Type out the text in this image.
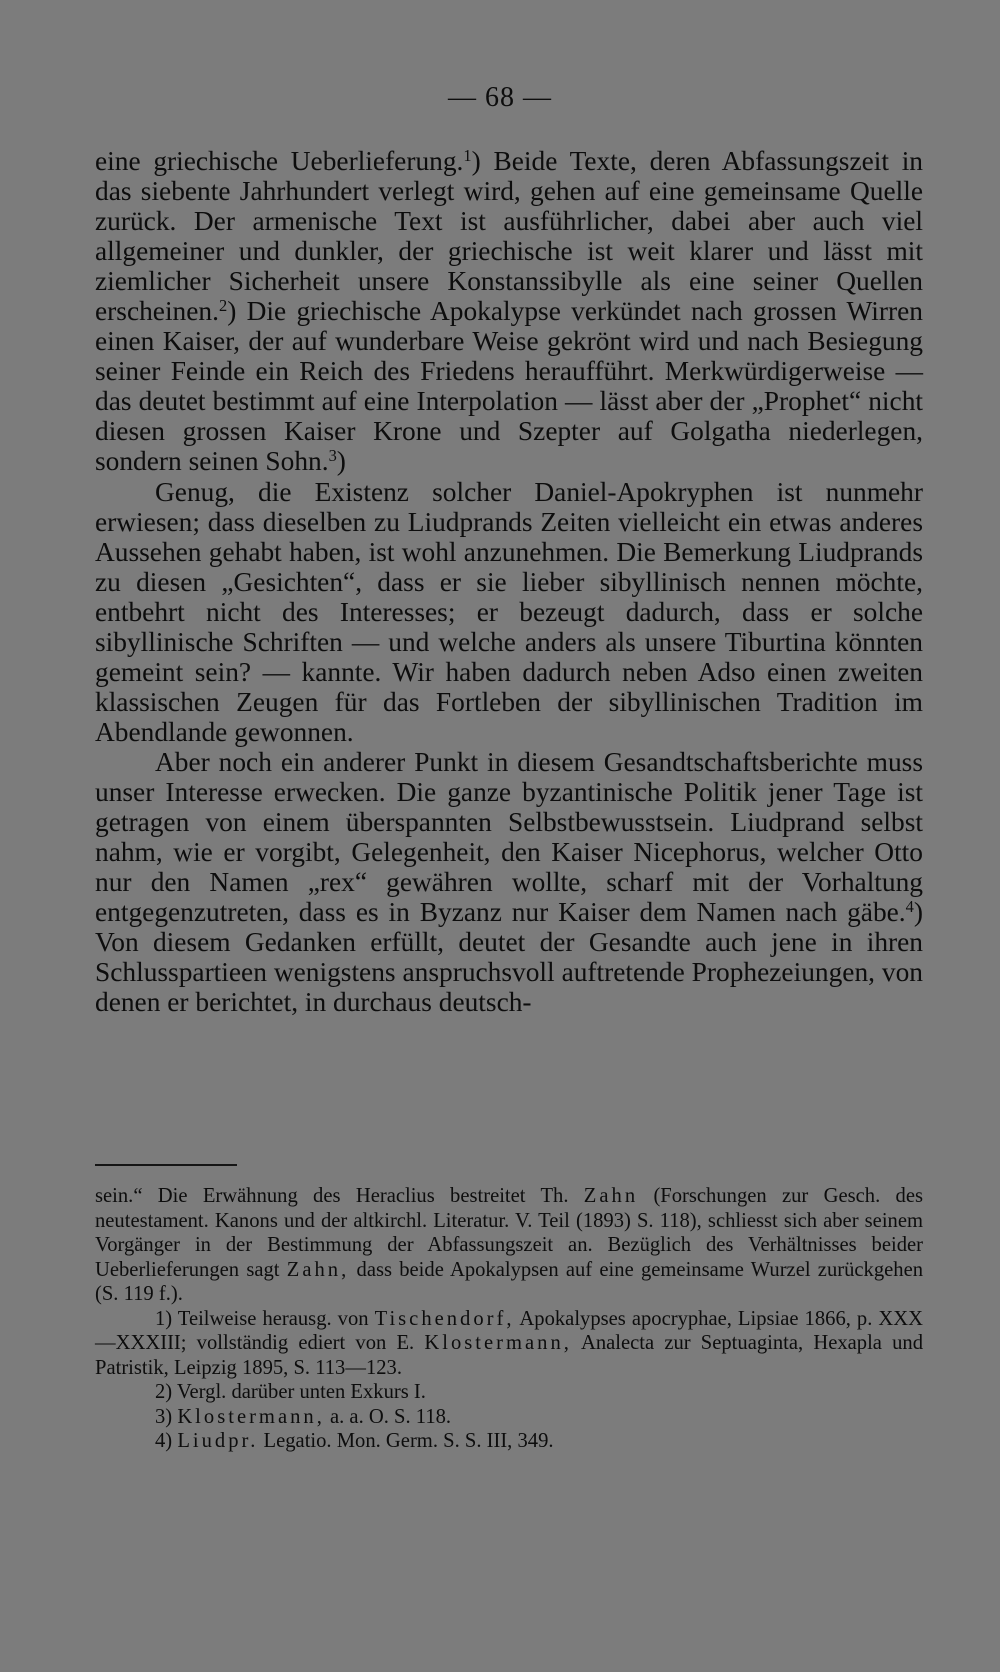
— 68 —

eine griechische Ueberlieferung.$^1$) Beide Texte, deren Abfassungszeit in das siebente Jahrhundert verlegt wird, gehen auf eine gemeinsame Quelle zurück. Der armenische Text ist ausführlicher, dabei aber auch viel allgemeiner und dunkler, der griechische ist weit klarer und lässt mit ziemlicher Sicherheit unsere Konstanssibylle als eine seiner Quellen erscheinen.$^2$) Die griechische Apokalypse verkündet nach grossen Wirren einen Kaiser, der auf wunderbare Weise gekrönt wird und nach Besiegung seiner Feinde ein Reich des Friedens heraufführt. Merkwürdigerweise — das deutet bestimmt auf eine Interpolation — lässt aber der „Prophet“ nicht diesen grossen Kaiser Krone und Szepter auf Golgatha niederlegen, sondern seinen Sohn.$^3$)

Genug, die Existenz solcher Daniel-Apokryphen ist nunmehr erwiesen; dass dieselben zu Liudprands Zeiten vielleicht ein etwas anderes Aussehen gehabt haben, ist wohl anzunehmen. Die Bemerkung Liudprands zu diesen „Gesichten“, dass er sie lieber sibyllinisch nennen möchte, entbehrt nicht des Interesses; er bezeugt dadurch, dass er solche sibyllinische Schriften — und welche anders als unsere Tiburtina könnten gemeint sein? — kannte. Wir haben dadurch neben Adso einen zweiten klassischen Zeugen für das Fortleben der sibyllinischen Tradition im Abendlande gewonnen.

Aber noch ein anderer Punkt in diesem Gesandtschaftsberichte muss unser Interesse erwecken. Die ganze byzantinische Politik jener Tage ist getragen von einem überspannten Selbstbewusstsein. Liudprand selbst nahm, wie er vorgibt, Gelegenheit, den Kaiser Nicephorus, welcher Otto nur den Namen „rex“ gewähren wollte, scharf mit der Vorhaltung entgegenzutreten, dass es in Byzanz nur Kaiser dem Namen nach gäbe.$^4$) Von diesem Gedanken erfüllt, deutet der Gesandte auch jene in ihren Schlusspartieen wenigstens anspruchsvoll auftretende Prophezeiungen, von denen er berichtet, in durchaus deutsch-

sein.“ Die Erwähnung des Heraclius bestreitet Th. Zahn (Forschungen zur Gesch. des neutestament. Kanons und der altkirchl. Literatur. V. Teil (1893) S. 118), schliesst sich aber seinem Vorgänger in der Bestimmung der Abfassungszeit an. Bezüglich des Verhältnisses beider Ueberlieferungen sagt Zahn, dass beide Apokalypsen auf eine gemeinsame Wurzel zurückgehen (S. 119 f.).

1) Teilweise herausg. von Tischendorf, Apokalypses apocryphae, Lipsiae 1866, p. XXX—XXXIII; vollständig ediert von E. Klostermann, Analecta zur Septuaginta, Hexapla und Patristik, Leipzig 1895, S. 113—123.

2) Vergl. darüber unten Exkurs I.

3) Klostermann, a. a. O. S. 118.

4) Liudpr. Legatio. Mon. Germ. S. S. III, 349.
